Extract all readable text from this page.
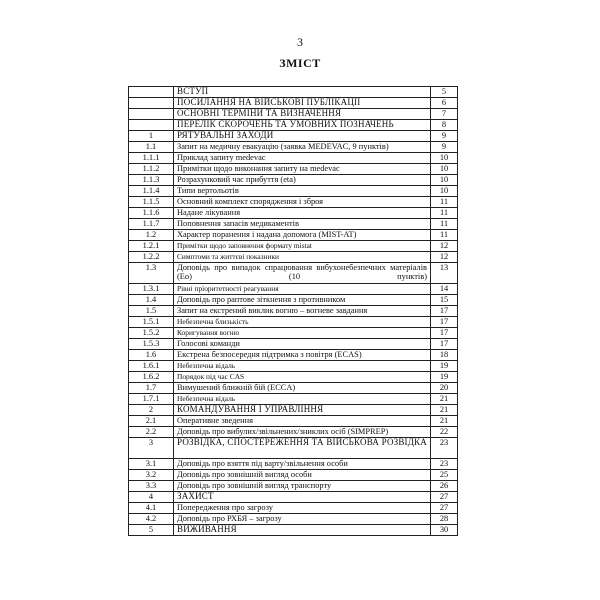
3
ЗМІСТ
	ВСТУП	5
	ПОСИЛАННЯ НА ВІЙСЬКОВІ ПУБЛІКАЦІЇ	6
	ОСНОВНІ ТЕРМІНИ ТА ВИЗНАЧЕННЯ	7
	ПЕРЕЛІК СКОРОЧЕНЬ ТА УМОВНИХ ПОЗНАЧЕНЬ	8
1	РЯТУВАЛЬНІ ЗАХОДИ	9
1.1	Запит на медичну евакуацію (заявка MEDEVAC, 9 пунктів)	9
1.1.1	Приклад запиту medevac	10
1.1.2	Примітки щодо виконання запиту на medevac	10
1.1.3	Розрахунковий час прибуття (eta)	10
1.1.4	Типи вертольотів	10
1.1.5	Основний комплект спорядження і зброя	11
1.1.6	Надане лікування	11
1.1.7	Поповнення запасів медикаментів	11
1.2	Характер поранення і надана допомога (MIST-AT)	11
1.2.1	Примітки щодо заповнення формату mistat	12
1.2.2	Симптоми та життєві показники	12
1.3	Доповідь про випадок спрацювання вибухонебезпечних матеріалів (Ео) (10 пунктів)	13
1.3.1	Рівні пріоритетності реагування	14
1.4	Доповідь про раптове зіткнення з противником	15
1.5	Запит на екстрений виклик вогню – вогневе завдання	17
1.5.1	Небезпечна близькість	17
1.5.2	Коригування вогню	17
1.5.3	Голосові команди	17
1.6	Екстрена безпосередня підтримка з повітря (ECAS)	18
1.6.1	Небезпечна відаль	19
1.6.2	Порядок під час CAS	19
1.7	Вимушений ближній бій (ECCA)	20
1.7.1	Небезпечна відаль	21
2	КОМАНДУВАННЯ І УПРАВЛІННЯ	21
2.1	Оперативне зведення	21
2.2	Доповідь про вибулих/звільнених/зниклих осіб (SIMPREP)	22
3	РОЗВІДКА, СПОСТЕРЕЖЕННЯ ТА ВІЙСЬКОВА РОЗВІДКА	23
3.1	Доповідь про взяття під варту/звільнення особи	23
3.2	Доповідь про зовнішній вигляд особи	25
3.3	Доповідь про зовнішній вигляд транспорту	26
4	ЗАХИСТ	27
4.1	Попередження про загрозу	27
4.2	Доповідь про РХБЯ – загрозу	28
5	ВИЖИВАННЯ	30
